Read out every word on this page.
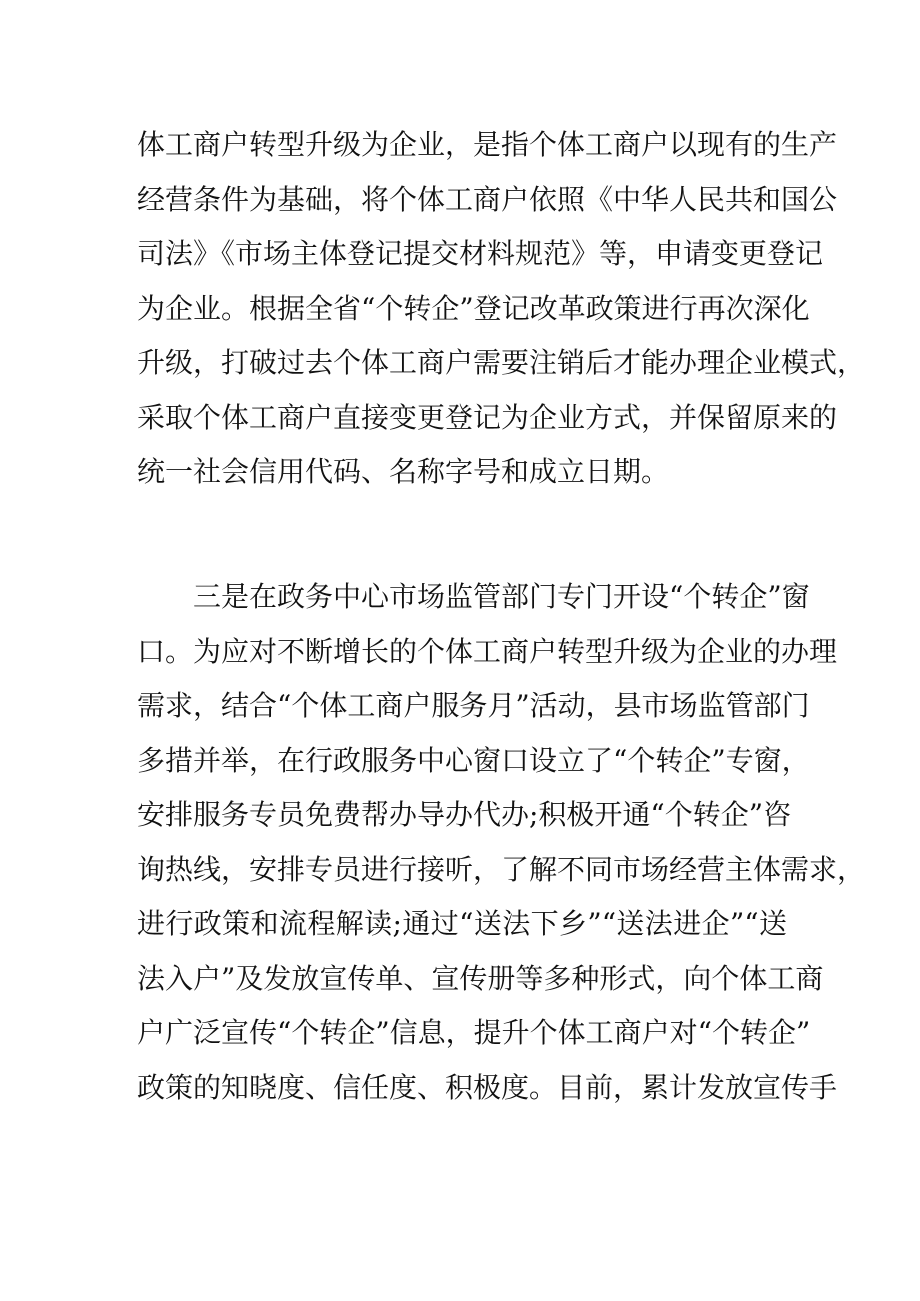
体工商户转型升级为企业，是指个体工商户以现有的生产
经营条件为基础，将个体工商户依照《中华人民共和国公
司法》《市场主体登记提交材料规范》等，申请变更登记
为企业。根据全省“个转企”登记改革政策进行再次深化
升级，打破过去个体工商户需要注销后才能办理企业模式，
采取个体工商户直接变更登记为企业方式，并保留原来的
统一社会信用代码、名称字号和成立日期。
　　三是在政务中心市场监管部门专门开设“个转企”窗
口。为应对不断增长的个体工商户转型升级为企业的办理
需求，结合“个体工商户服务月”活动，县市场监管部门
多措并举，在行政服务中心窗口设立了“个转企”专窗，
安排服务专员免费帮办导办代办;积极开通“个转企”咨
询热线，安排专员进行接听，了解不同市场经营主体需求，
进行政策和流程解读;通过“送法下乡”“送法进企”“送
法入户”及发放宣传单、宣传册等多种形式，向个体工商
户广泛宣传“个转企”信息，提升个体工商户对“个转企”
政策的知晓度、信任度、积极度。目前，累计发放宣传手
